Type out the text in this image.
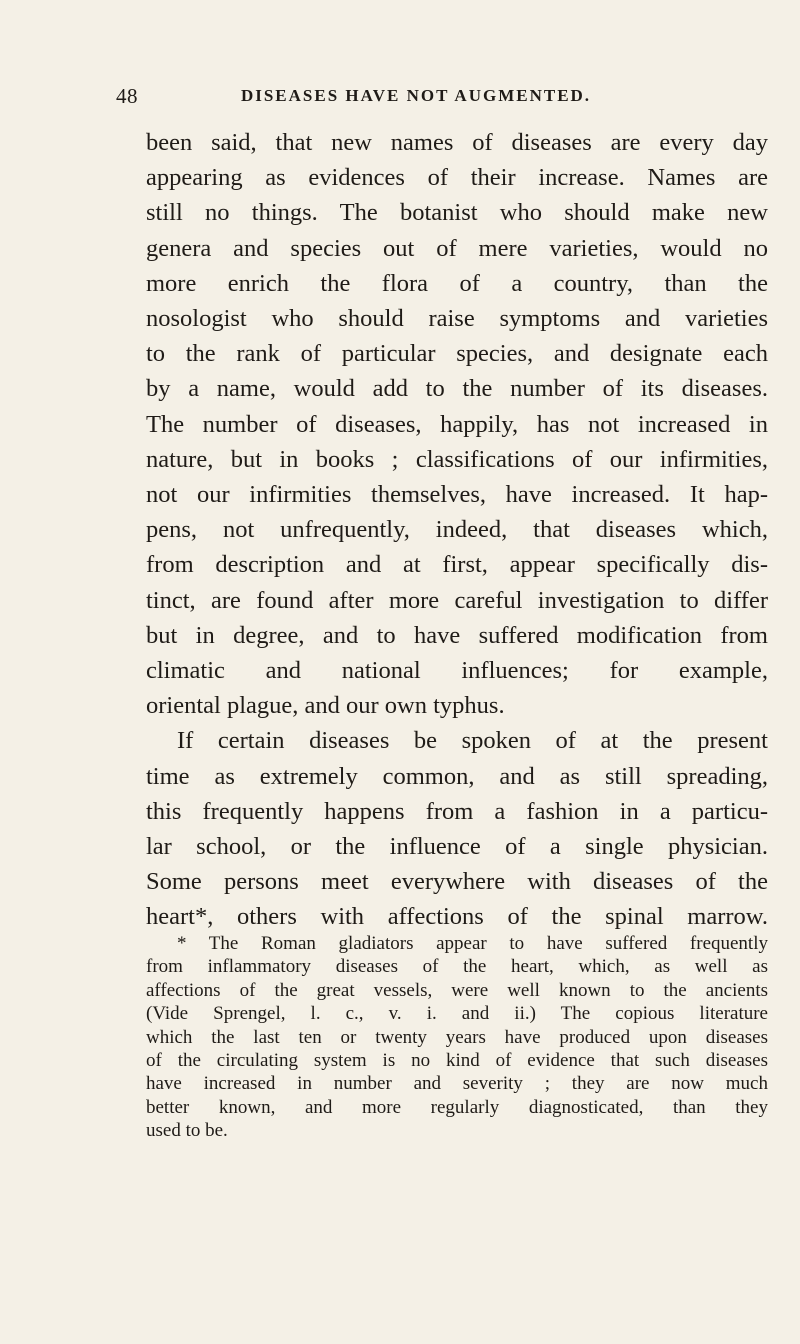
48	DISEASES HAVE NOT AUGMENTED.
been said, that new names of diseases are every day
appearing as evidences of their increase. Names are
still no things. The botanist who should make new
genera and species out of mere varieties, would no
more enrich the flora of a country, than the
nosologist who should raise symptoms and varieties
to the rank of particular species, and designate each
by a name, would add to the number of its diseases.
The number of diseases, happily, has not increased in
nature, but in books ; classifications of our infirmities,
not our infirmities themselves, have increased. It hap-
pens, not unfrequently, indeed, that diseases which,
from description and at first, appear specifically dis-
tinct, are found after more careful investigation to differ
but in degree, and to have suffered modification from
climatic and national influences; for example,
oriental plague, and our own typhus.
If certain diseases be spoken of at the present
time as extremely common, and as still spreading,
this frequently happens from a fashion in a particu-
lar school, or the influence of a single physician.
Some persons meet everywhere with diseases of the
heart*, others with affections of the spinal marrow.
* The Roman gladiators appear to have suffered frequently
from inflammatory diseases of the heart, which, as well as
affections of the great vessels, were well known to the ancients
(Vide Sprengel, l. c., v. i. and ii.) The copious literature
which the last ten or twenty years have produced upon diseases
of the circulating system is no kind of evidence that such diseases
have increased in number and severity ; they are now much
better known, and more regularly diagnosticated, than they
used to be.
